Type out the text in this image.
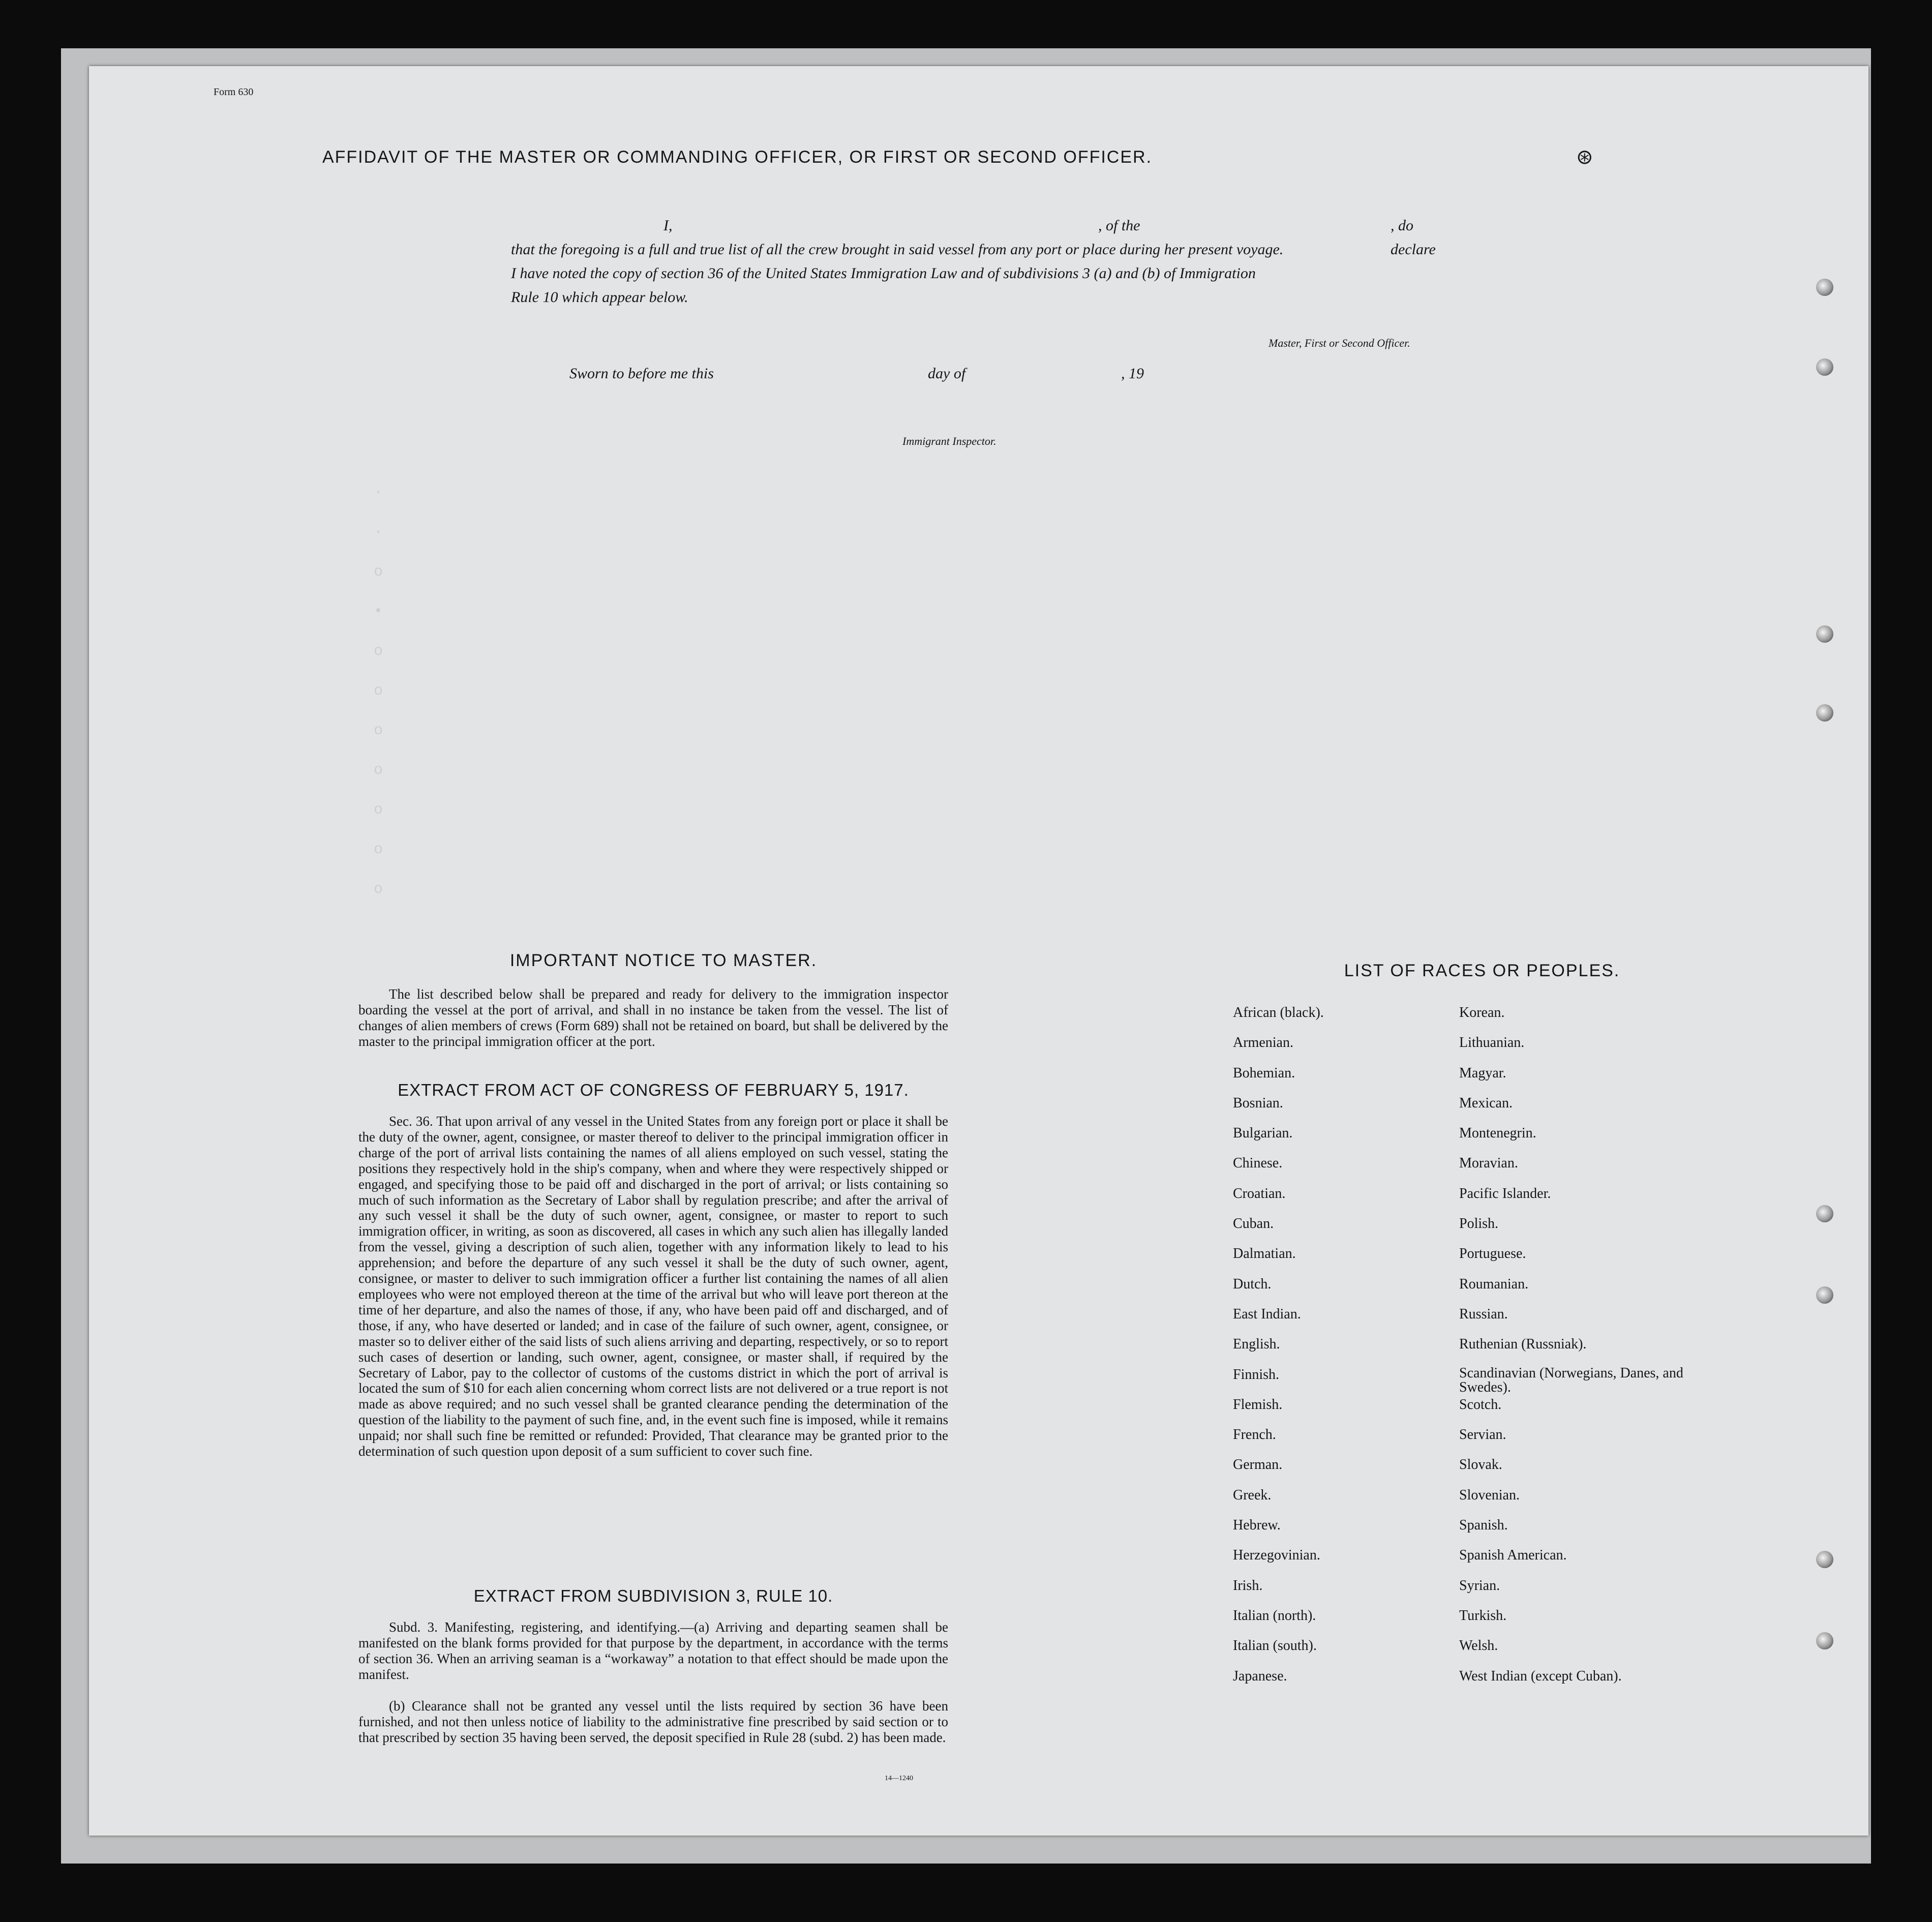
Form 630
AFFIDAVIT OF THE MASTER OR COMMANDING OFFICER, OR FIRST OR SECOND OFFICER.	⊛
I,	, of the	, do declare
that the foregoing is a full and true list of all the crew brought in said vessel from any port or place during her present voyage.
I have noted the copy of section 36 of the United States Immigration Law and of subdivisions 3 (a) and (b) of Immigration
Rule 10 which appear below.
Master, First or Second Officer.
Sworn to before me this	day of	, 19
Immigrant Inspector.
·
·
o
•
o
o
o
o
o
o
o
IMPORTANT NOTICE TO MASTER.

The list described below shall be prepared and ready for delivery to the immigration inspector boarding the vessel at the port of arrival, and shall in no instance be taken from the vessel. The list of changes of alien members of crews (Form 689) shall not be retained on board, but shall be delivered by the master to the principal immigration officer at the port.

EXTRACT FROM ACT OF CONGRESS OF FEBRUARY 5, 1917.

Sec. 36. That upon arrival of any vessel in the United States from any foreign port or place it shall be the duty of the owner, agent, consignee, or master thereof to deliver to the principal immigration officer in charge of the port of arrival lists containing the names of all aliens employed on such vessel, stating the positions they respectively hold in the ship's company, when and where they were respectively shipped or engaged, and specifying those to be paid off and discharged in the port of arrival; or lists containing so much of such information as the Secretary of Labor shall by regulation prescribe; and after the arrival of any such vessel it shall be the duty of such owner, agent, consignee, or master to report to such immigration officer, in writing, as soon as discovered, all cases in which any such alien has illegally landed from the vessel, giving a description of such alien, together with any information likely to lead to his apprehension; and before the departure of any such vessel it shall be the duty of such owner, agent, consignee, or master to deliver to such immigration officer a further list containing the names of all alien employees who were not employed thereon at the time of the arrival but who will leave port thereon at the time of her departure, and also the names of those, if any, who have been paid off and discharged, and of those, if any, who have deserted or landed; and in case of the failure of such owner, agent, consignee, or master so to deliver either of the said lists of such aliens arriving and departing, respectively, or so to report such cases of desertion or landing, such owner, agent, consignee, or master shall, if required by the Secretary of Labor, pay to the collector of customs of the customs district in which the port of arrival is located the sum of $10 for each alien concerning whom correct lists are not delivered or a true report is not made as above required; and no such vessel shall be granted clearance pending the determination of the question of the liability to the payment of such fine, and, in the event such fine is imposed, while it remains unpaid; nor shall such fine be remitted or refunded: Provided, That clearance may be granted prior to the determination of such question upon deposit of a sum sufficient to cover such fine.

EXTRACT FROM SUBDIVISION 3, RULE 10.

Subd. 3. Manifesting, registering, and identifying.—(a) Arriving and departing seamen shall be manifested on the blank forms provided for that purpose by the department, in accordance with the terms of section 36. When an arriving seaman is a “workaway” a notation to that effect should be made upon the manifest.

(b) Clearance shall not be granted any vessel until the lists required by section 36 have been furnished, and not then unless notice of liability to the administrative fine prescribed by said section or to that prescribed by section 35 having been served, the deposit specified in Rule 28 (subd. 2) has been made.

14—1240
LIST OF RACES OR PEOPLES.
African (black).
Armenian.
Bohemian.
Bosnian.
Bulgarian.
Chinese.
Croatian.
Cuban.
Dalmatian.
Dutch.
East Indian.
English.
Finnish.
Flemish.
French.
German.
Greek.
Hebrew.
Herzegovinian.
Irish.
Italian (north).
Italian (south).
Japanese.
Korean.
Lithuanian.
Magyar.
Mexican.
Montenegrin.
Moravian.
Pacific Islander.
Polish.
Portuguese.
Roumanian.
Russian.
Ruthenian (Russniak).
Scandinavian (Norwegians, Danes, and Swedes).
Scotch.
Servian.
Slovak.
Slovenian.
Spanish.
Spanish American.
Syrian.
Turkish.
Welsh.
West Indian (except Cuban).
